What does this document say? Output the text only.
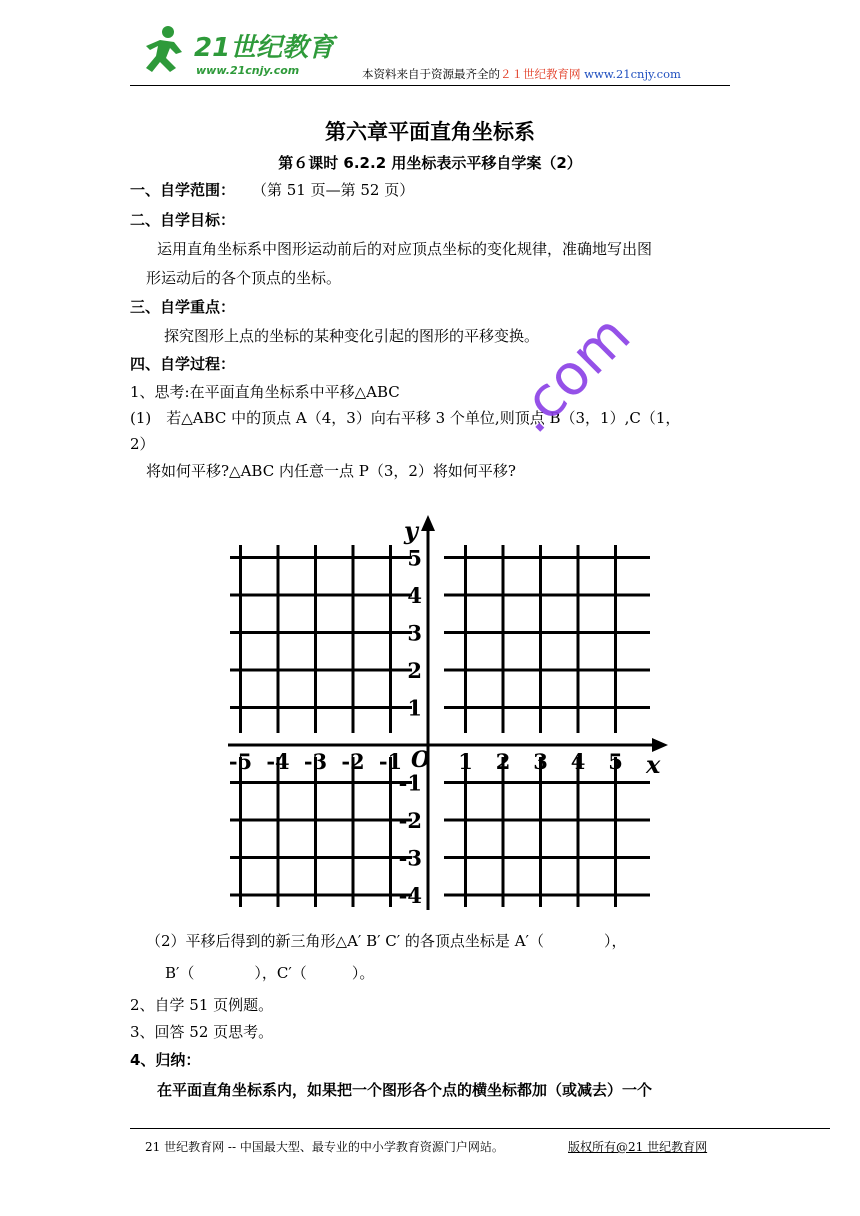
21世纪教育
www.21cnjy.com	本资料来自于资源最齐全的２１世纪教育网 www.21cnjy.com
第六章平面直角坐标系
第６课时 6.2.2 用坐标表示平移自学案（2）
一、自学范围： （第 51 页—第 52 页）
二、自学目标：
运用直角坐标系中图形运动前后的对应顶点坐标的变化规律，准确地写出图
形运动后的各个顶点的坐标。
三、自学重点：
探究图形上点的坐标的某种变化引起的图形的平移变换。
四、自学过程：
1、思考:在平面直角坐标系中平移△ABC
(1)　若△ABC 中的顶点 A（4，3）向右平移 3 个单位,则顶点 B（3，1）,C（1，
2）
将如何平移?△ABC 内任意一点 P（3，2）将如何平移?
.com
-5 -4 -3 -2 -1	1 2 3 4 5
5
4
3
2
1
-1
-2
-3
-4
x
y
O
（2）平移后得到的新三角形△A′ B′ C′ 的各顶点坐标是 A′（　　　　），
B′（　　　　），C′（　　　）。
2、自学 51 页例题。
3、回答 52 页思考。
4、归纳：
在平面直角坐标系内，如果把一个图形各个点的横坐标都加（或减去）一个
21 世纪教育网 -- 中国最大型、最专业的中小学教育资源门户网站。	版权所有@21 世纪教育网
